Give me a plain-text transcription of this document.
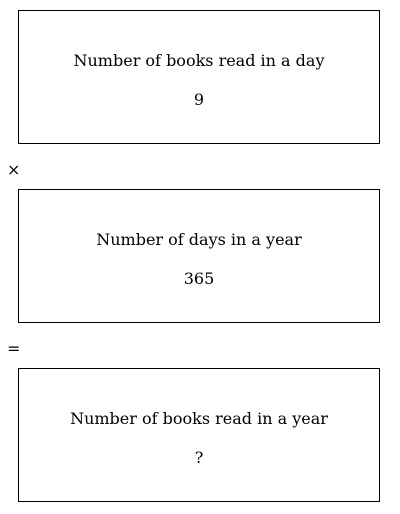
Number of books read in a day
9
×
Number of days in a year
365
=
Number of books read in a year
?
